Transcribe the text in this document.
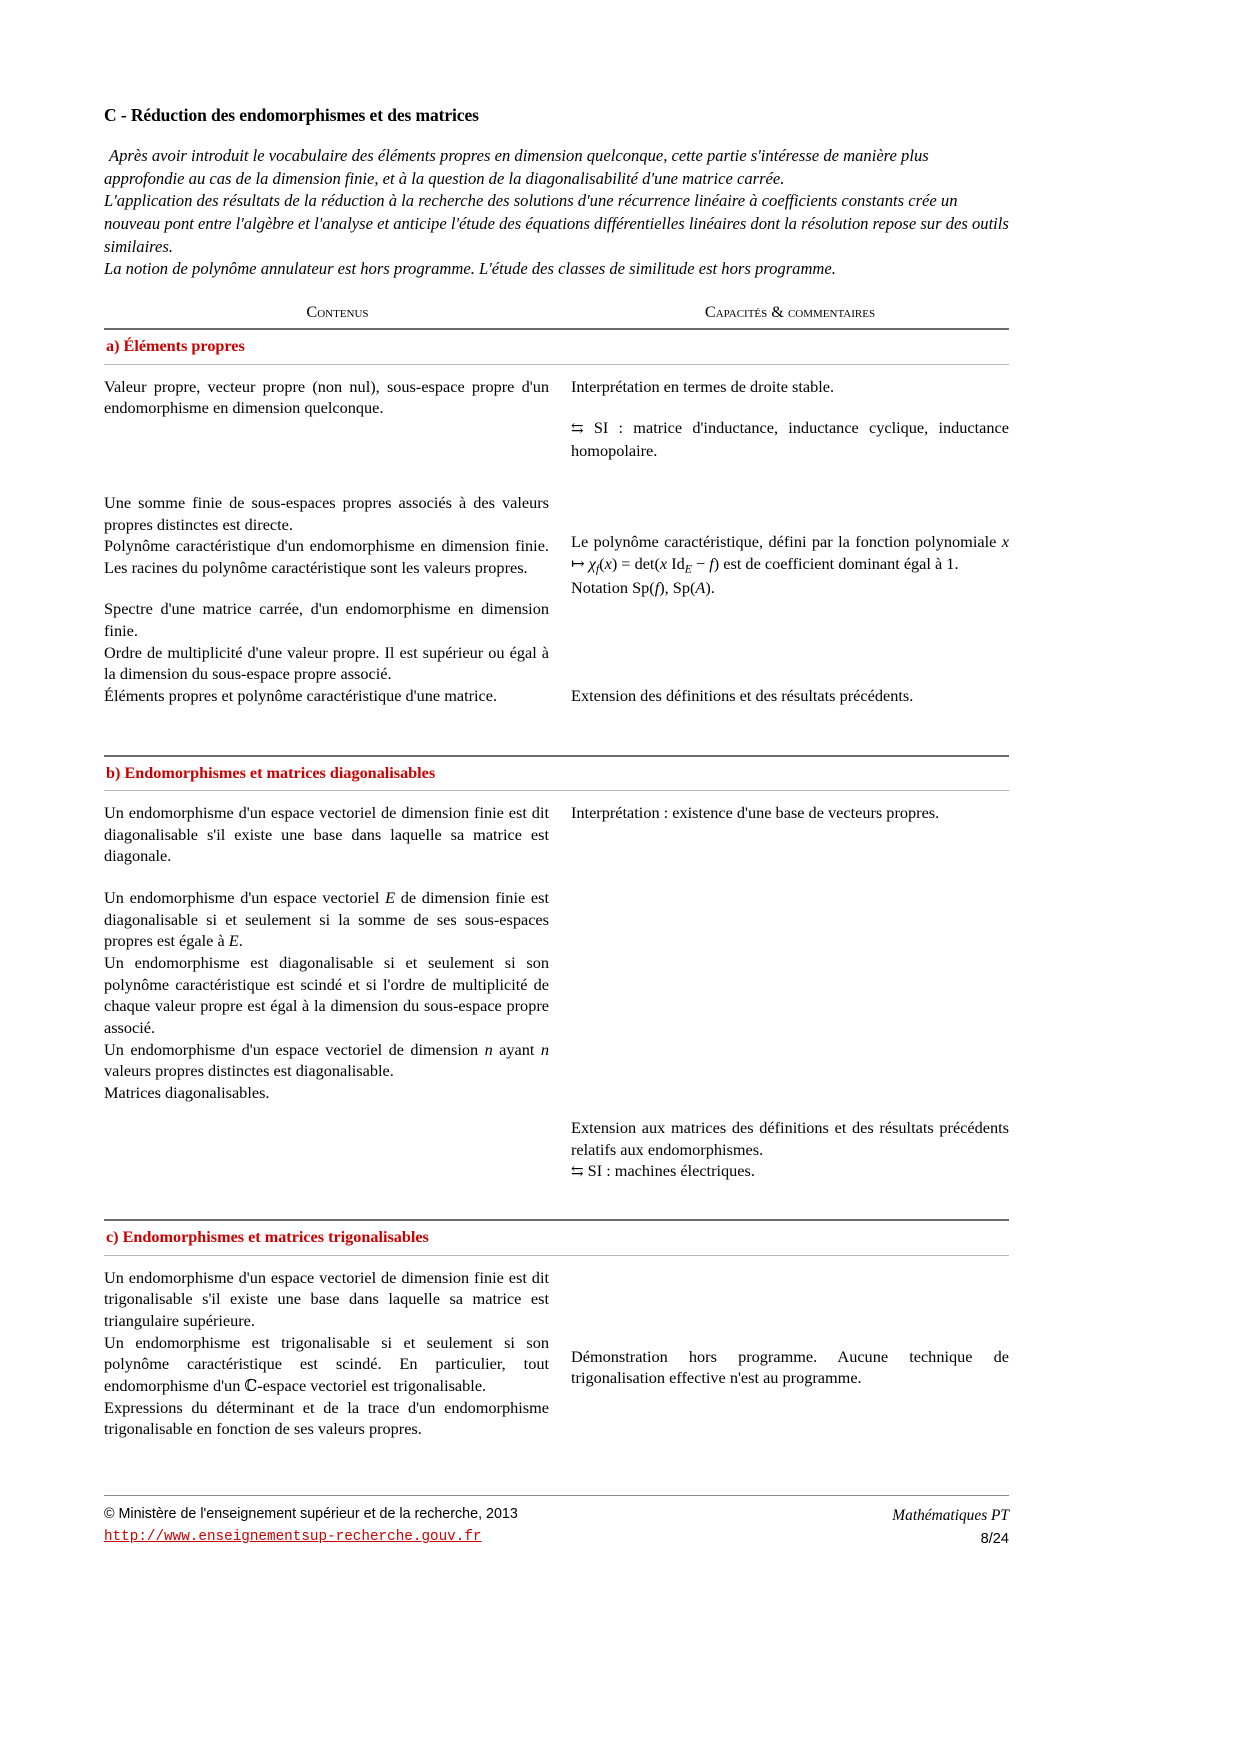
C - Réduction des endomorphismes et des matrices

Après avoir introduit le vocabulaire des éléments propres en dimension quelconque, cette partie s'intéresse de manière plus approfondie au cas de la dimension finie, et à la question de la diagonalisabilité d'une matrice carrée.

L'application des résultats de la réduction à la recherche des solutions d'une récurrence linéaire à coefficients constants crée un nouveau pont entre l'algèbre et l'analyse et anticipe l'étude des équations différentielles linéaires dont la résolution repose sur des outils similaires.

La notion de polynôme annulateur est hors programme. L'étude des classes de similitude est hors programme.

Contenus	Capacités & commentaires
a) Éléments propres

Valeur propre, vecteur propre (non nul), sous-espace propre d'un endomorphisme en dimension quelconque.

Interprétation en termes de droite stable.

⇆ SI : matrice d'inductance, inductance cyclique, inductance homopolaire.

Une somme finie de sous-espaces propres associés à des valeurs propres distinctes est directe.

Polynôme caractéristique d'un endomorphisme en dimension finie. Les racines du polynôme caractéristique sont les valeurs propres.

Le polynôme caractéristique, défini par la fonction polynomiale x ↦ $\chi_f(x) = \det(x$ $Id_E - f$) est de coefficient dominant égal à 1.

Notation Sp(f), Sp(A).

Spectre d'une matrice carrée, d'un endomorphisme en dimension finie.

Ordre de multiplicité d'une valeur propre. Il est supérieur ou égal à la dimension du sous-espace propre associé.

Éléments propres et polynôme caractéristique d'une matrice.	Extension des définitions et des résultats précédents.

b) Endomorphismes et matrices diagonalisables

Un endomorphisme d'un espace vectoriel de dimension finie est dit diagonalisable s'il existe une base dans laquelle sa matrice est diagonale.

Interprétation : existence d'une base de vecteurs propres.

Un endomorphisme d'un espace vectoriel E de dimension finie est diagonalisable si et seulement si la somme de ses sous-espaces propres est égale à E.

Un endomorphisme est diagonalisable si et seulement si son polynôme caractéristique est scindé et si l'ordre de multiplicité de chaque valeur propre est égal à la dimension du sous-espace propre associé.

Un endomorphisme d'un espace vectoriel de dimension n ayant n valeurs propres distinctes est diagonalisable.

Matrices diagonalisables.

Extension aux matrices des définitions et des résultats précédents relatifs aux endomorphismes.

⇆ SI : machines électriques.

c) Endomorphismes et matrices trigonalisables

Un endomorphisme d'un espace vectoriel de dimension finie est dit trigonalisable s'il existe une base dans laquelle sa matrice est triangulaire supérieure.

Un endomorphisme est trigonalisable si et seulement si son polynôme caractéristique est scindé. En particulier, tout endomorphisme d'un ℂ-espace vectoriel est trigonalisable.

Expressions du déterminant et de la trace d'un endomorphisme trigonalisable en fonction de ses valeurs propres.

Démonstration hors programme. Aucune technique de trigonalisation effective n'est au programme.

© Ministère de l'enseignement supérieur et de la recherche, 2013
http://www.enseignementsup-recherche.gouv.fr
Mathématiques PT
8/24
